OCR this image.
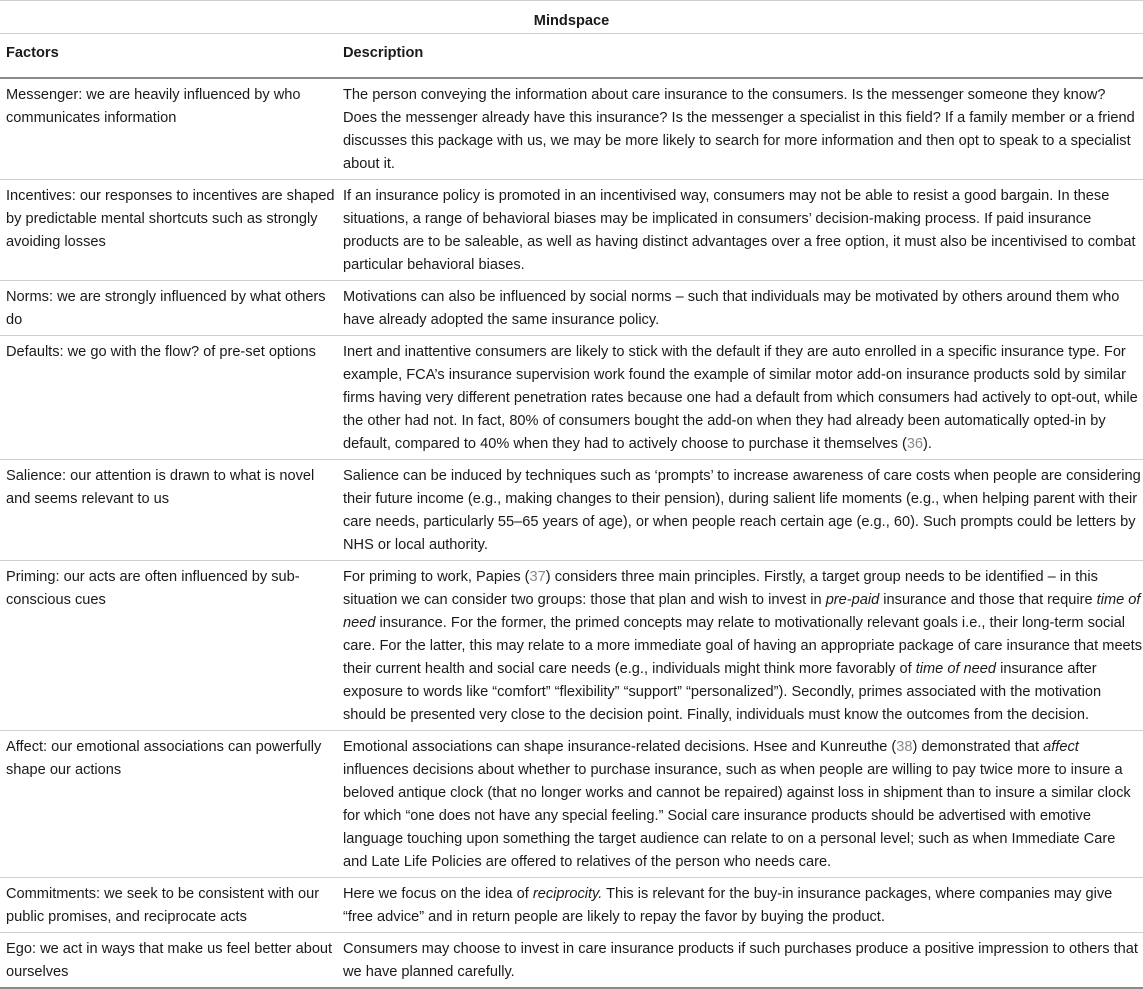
Mindspace	
Factors	Description
Messenger: we are heavily influenced by who communicates information	The person conveying the information about care insurance to the consumers. Is the messenger someone they know? Does the messenger already have this insurance? Is the messenger a specialist in this field? If a family member or a friend discusses this package with us, we may be more likely to search for more information and then opt to speak to a specialist about it.
Incentives: our responses to incentives are shaped by predictable mental shortcuts such as strongly avoiding losses	If an insurance policy is promoted in an incentivised way, consumers may not be able to resist a good bargain. In these situations, a range of behavioral biases may be implicated in consumers’ decision-making process. If paid insurance products are to be saleable, as well as having distinct advantages over a free option, it must also be incentivised to combat particular behavioral biases.
Norms: we are strongly influenced by what others do	Motivations can also be influenced by social norms – such that individuals may be motivated by others around them who have already adopted the same insurance policy.
Defaults: we go with the flow? of pre-set options	Inert and inattentive consumers are likely to stick with the default if they are auto enrolled in a specific insurance type. For example, FCA’s insurance supervision work found the example of similar motor add-on insurance products sold by similar firms having very different penetration rates because one had a default from which consumers had actively to opt-out, while the other had not. In fact, 80% of consumers bought the add-on when they had already been automatically opted-in by default, compared to 40% when they had to actively choose to purchase it themselves (36).
Salience: our attention is drawn to what is novel and seems relevant to us	Salience can be induced by techniques such as ‘prompts’ to increase awareness of care costs when people are considering their future income (e.g., making changes to their pension), during salient life moments (e.g., when helping parent with their care needs, particularly 55–65 years of age), or when people reach certain age (e.g., 60). Such prompts could be letters by NHS or local authority.
Priming: our acts are often influenced by sub-conscious cues	For priming to work, Papies (37) considers three main principles. Firstly, a target group needs to be identified – in this situation we can consider two groups: those that plan and wish to invest in pre-paid insurance and those that require time of need insurance. For the former, the primed concepts may relate to motivationally relevant goals i.e., their long-term social care. For the latter, this may relate to a more immediate goal of having an appropriate package of care insurance that meets their current health and social care needs (e.g., individuals might think more favorably of time of need insurance after exposure to words like “comfort” “flexibility” “support” “personalized”). Secondly, primes associated with the motivation should be presented very close to the decision point. Finally, individuals must know the outcomes from the decision.
Affect: our emotional associations can powerfully shape our actions	Emotional associations can shape insurance-related decisions. Hsee and Kunreuthe (38) demonstrated that affect influences decisions about whether to purchase insurance, such as when people are willing to pay twice more to insure a beloved antique clock (that no longer works and cannot be repaired) against loss in shipment than to insure a similar clock for which “one does not have any special feeling.” Social care insurance products should be advertised with emotive language touching upon something the target audience can relate to on a personal level; such as when Immediate Care and Late Life Policies are offered to relatives of the person who needs care.
Commitments: we seek to be consistent with our public promises, and reciprocate acts	Here we focus on the idea of reciprocity. This is relevant for the buy-in insurance packages, where companies may give “free advice” and in return people are likely to repay the favor by buying the product.
Ego: we act in ways that make us feel better about ourselves	Consumers may choose to invest in care insurance products if such purchases produce a positive impression to others that we have planned carefully.
